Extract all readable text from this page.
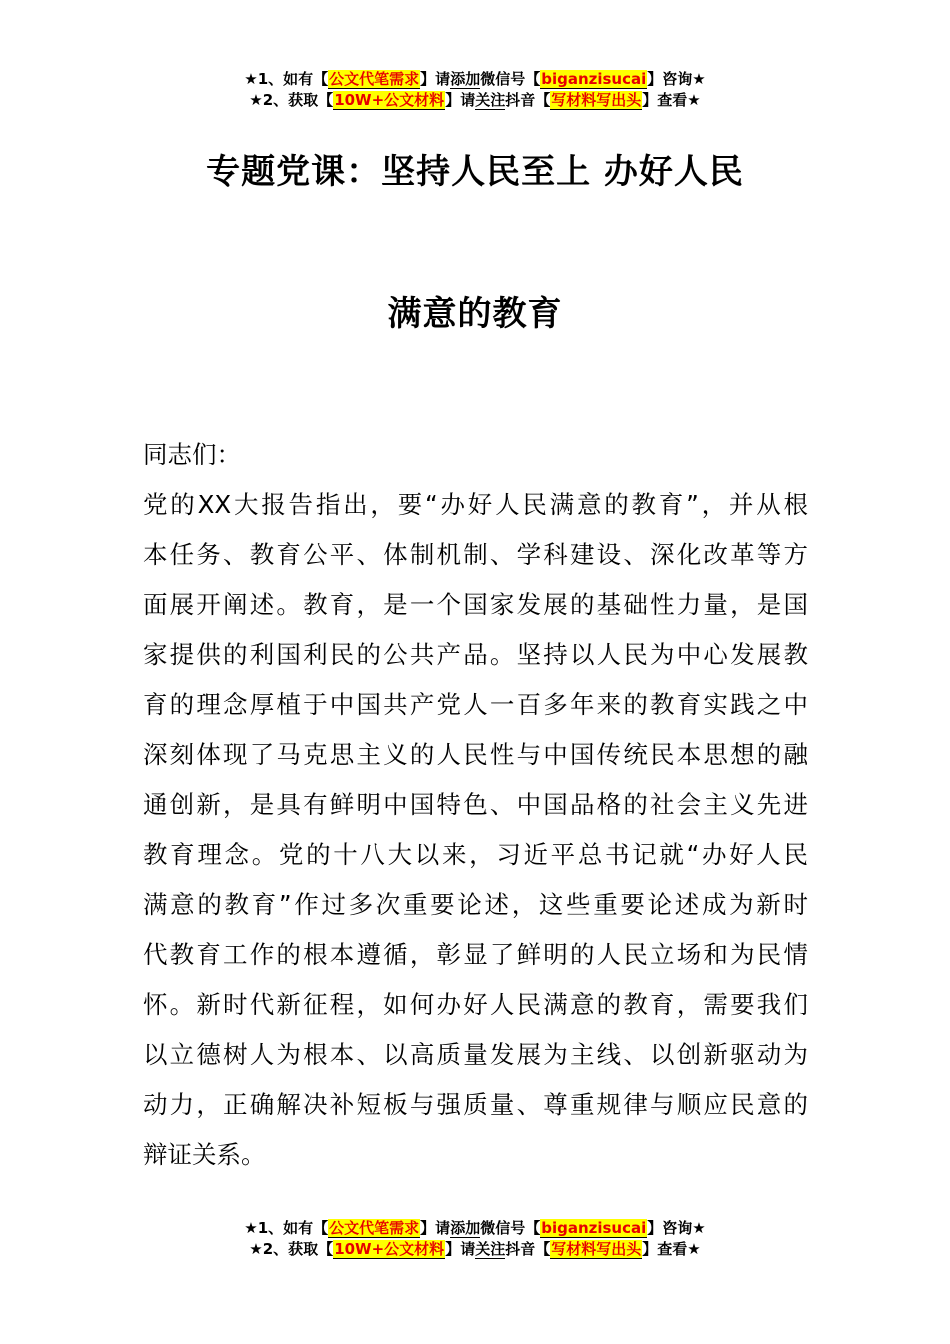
★1、如有【公文代笔需求】请添加微信号【biganzisucai】咨询★
★2、获取【10W+公文材料】请关注抖音【写材料写出头】查看★
专题党课：坚持人民至上 办好人民
满意的教育
同志们：
党的XX大报告指出，要“办好人民满意的教育”，并从根
本任务、教育公平、体制机制、学科建设、深化改革等方
面展开阐述。教育，是一个国家发展的基础性力量，是国
家提供的利国利民的公共产品。坚持以人民为中心发展教
育的理念厚植于中国共产党人一百多年来的教育实践之中
深刻体现了马克思主义的人民性与中国传统民本思想的融
通创新，是具有鲜明中国特色、中国品格的社会主义先进
教育理念。党的十八大以来，习近平总书记就“办好人民
满意的教育”作过多次重要论述，这些重要论述成为新时
代教育工作的根本遵循，彰显了鲜明的人民立场和为民情
怀。新时代新征程，如何办好人民满意的教育，需要我们
以立德树人为根本、以高质量发展为主线、以创新驱动为
动力，正确解决补短板与强质量、尊重规律与顺应民意的
辩证关系。
★1、如有【公文代笔需求】请添加微信号【biganzisucai】咨询★
★2、获取【10W+公文材料】请关注抖音【写材料写出头】查看★
